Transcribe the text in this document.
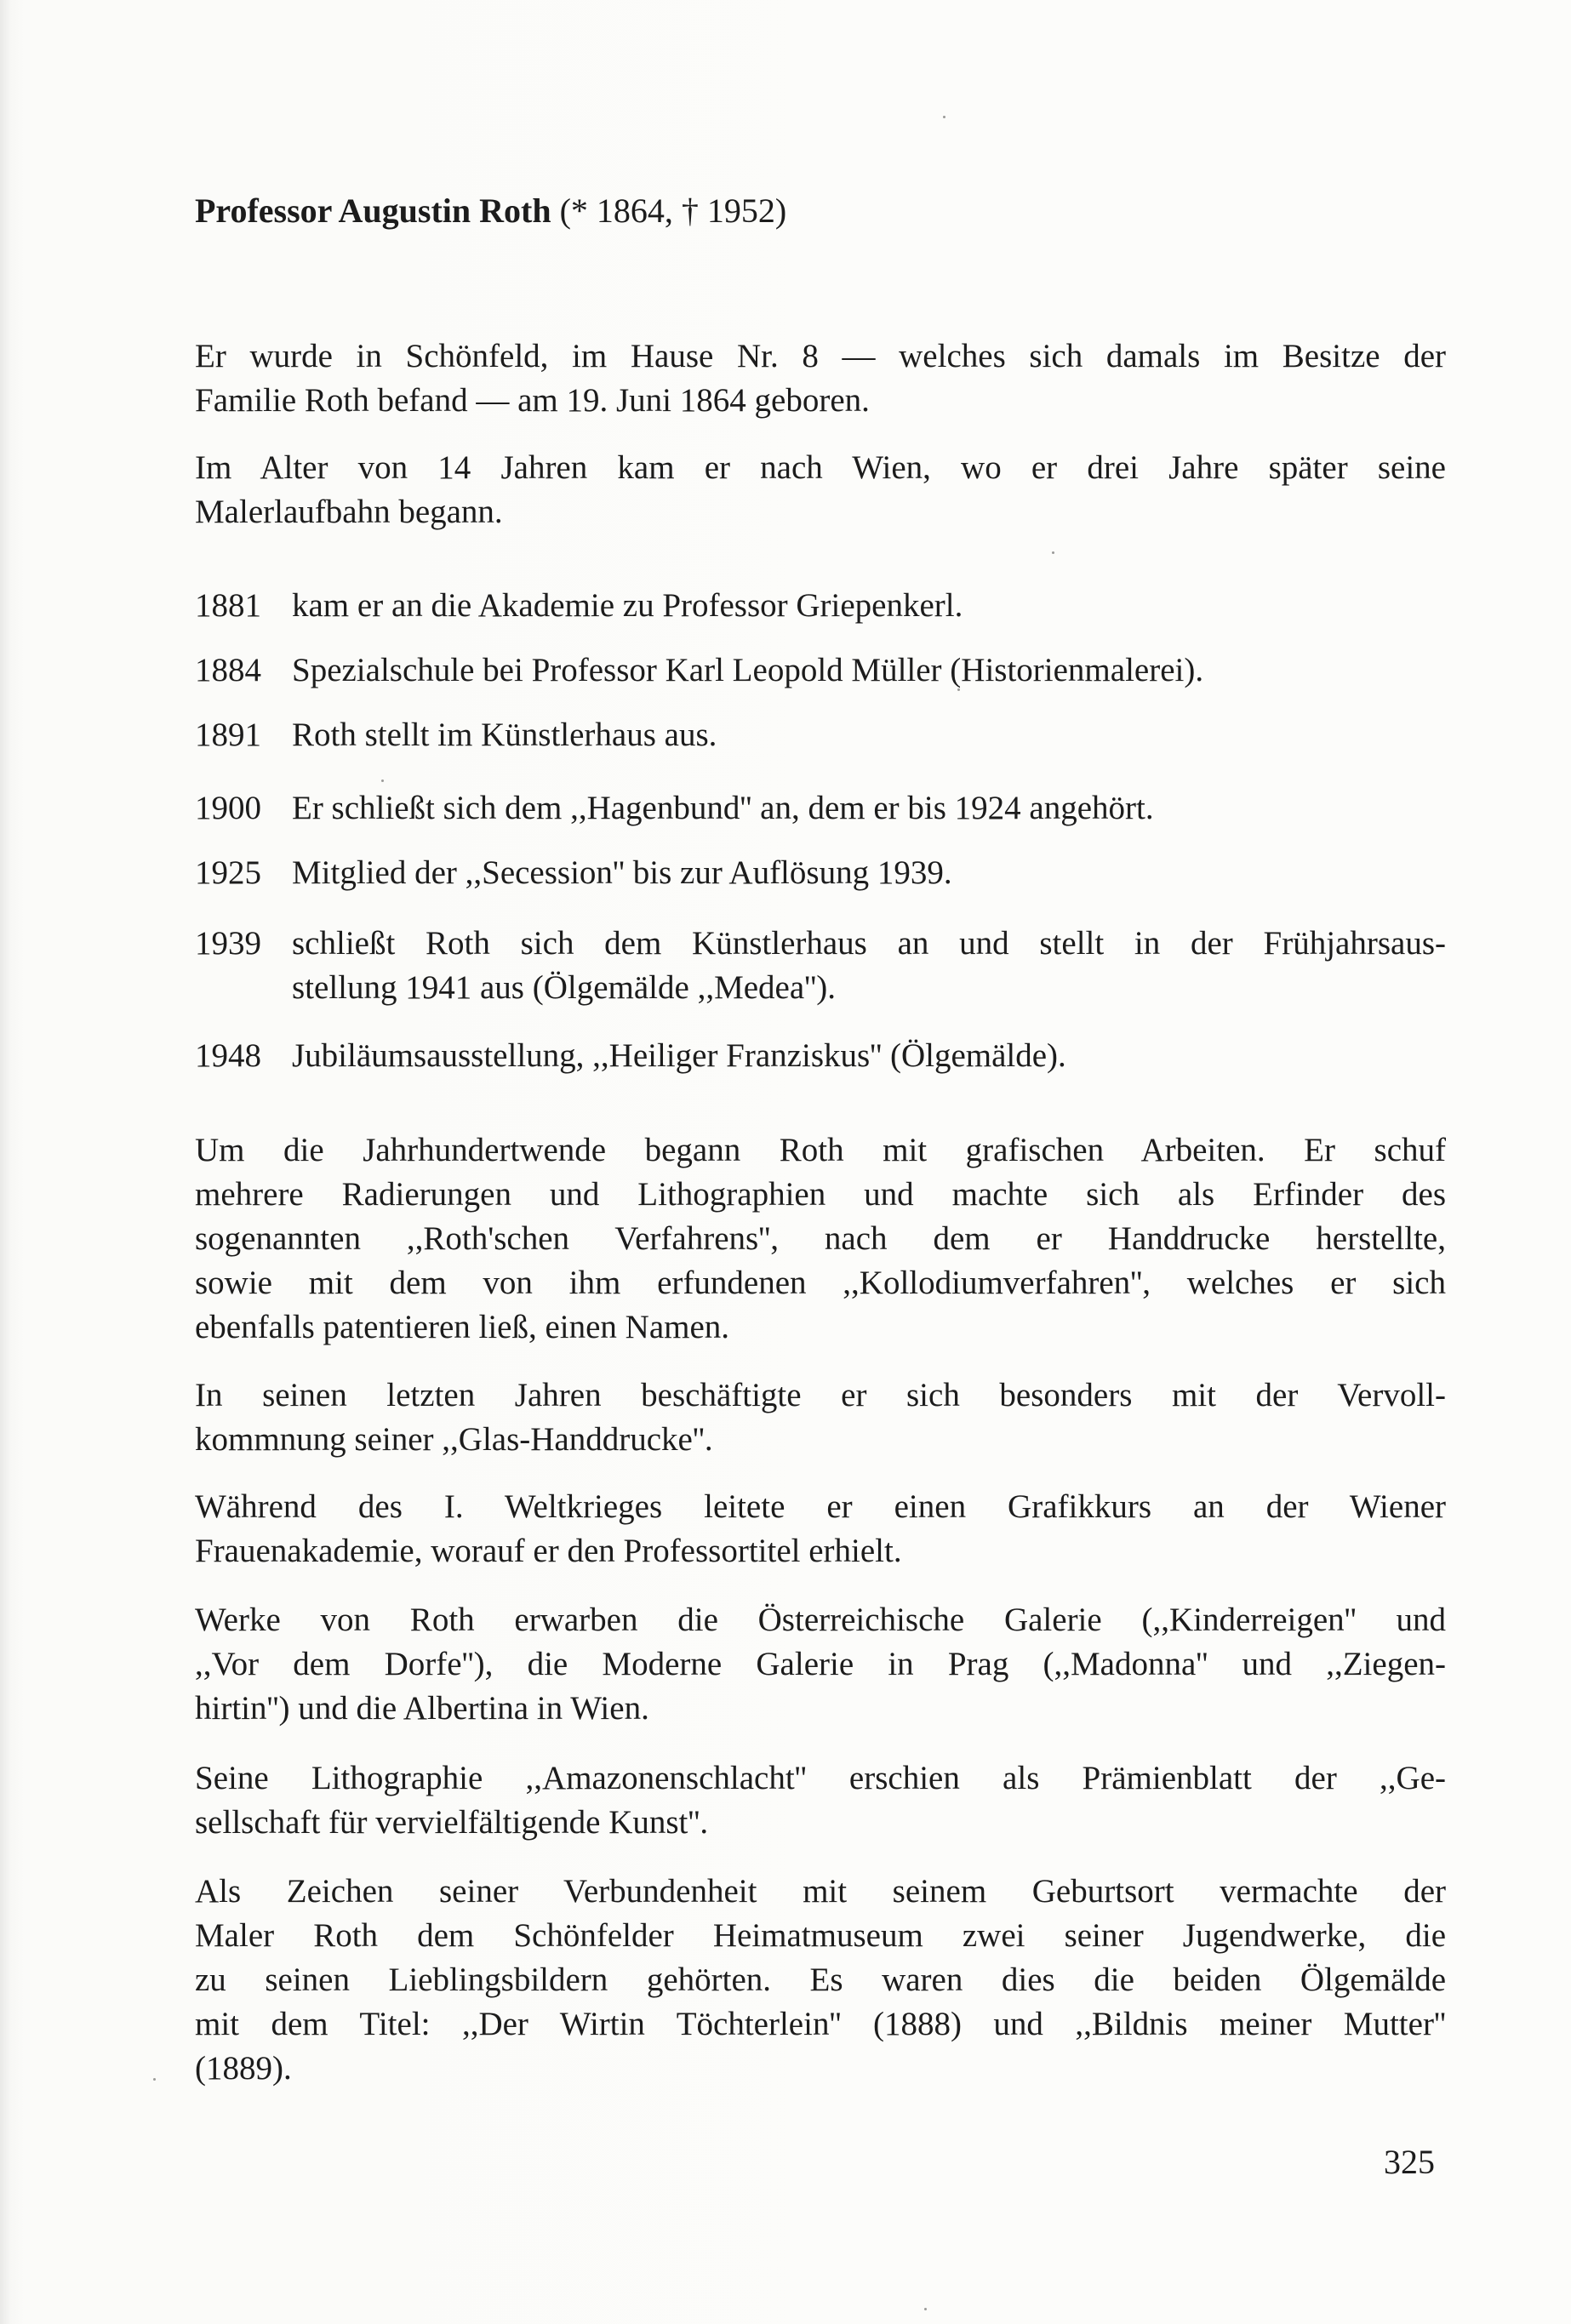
Professor Augustin Roth (* 1864, † 1952)
Er wurde in Schönfeld, im Hause Nr. 8 — welches sich damals im Besitze der
Familie Roth befand — am 19. Juni 1864 geboren.
Im Alter von 14 Jahren kam er nach Wien, wo er drei Jahre später seine
Malerlaufbahn begann.
1881 kam er an die Akademie zu Professor Griepenkerl.
1884 Spezialschule bei Professor Karl Leopold Müller (Historienmalerei).
1891 Roth stellt im Künstlerhaus aus.
1900 Er schließt sich dem ,,Hagenbund'' an, dem er bis 1924 angehört.
1925 Mitglied der ,,Secession'' bis zur Auflösung 1939.
1939 schließt Roth sich dem Künstlerhaus an und stellt in der Frühjahrsaus-
stellung 1941 aus (Ölgemälde ,,Medea'').
1948 Jubiläumsausstellung, ,,Heiliger Franziskus'' (Ölgemälde).
Um die Jahrhundertwende begann Roth mit grafischen Arbeiten. Er schuf
mehrere Radierungen und Lithographien und machte sich als Erfinder des
sogenannten ,,Roth'schen Verfahrens'', nach dem er Handdrucke herstellte,
sowie mit dem von ihm erfundenen ,,Kollodiumverfahren'', welches er sich
ebenfalls patentieren ließ, einen Namen.
In seinen letzten Jahren beschäftigte er sich besonders mit der Vervoll-
kommnung seiner ,,Glas-Handdrucke''.
Während des I. Weltkrieges leitete er einen Grafikkurs an der Wiener
Frauenakademie, worauf er den Professortitel erhielt.
Werke von Roth erwarben die Österreichische Galerie (,,Kinderreigen'' und
,,Vor dem Dorfe''), die Moderne Galerie in Prag (,,Madonna'' und ,,Ziegen-
hirtin'') und die Albertina in Wien.
Seine Lithographie ,,Amazonenschlacht'' erschien als Prämienblatt der ,,Ge-
sellschaft für vervielfältigende Kunst''.
Als Zeichen seiner Verbundenheit mit seinem Geburtsort vermachte der
Maler Roth dem Schönfelder Heimatmuseum zwei seiner Jugendwerke, die
zu seinen Lieblingsbildern gehörten. Es waren dies die beiden Ölgemälde
mit dem Titel: ,,Der Wirtin Töchterlein'' (1888) und ,,Bildnis meiner Mutter''
(1889).
325
